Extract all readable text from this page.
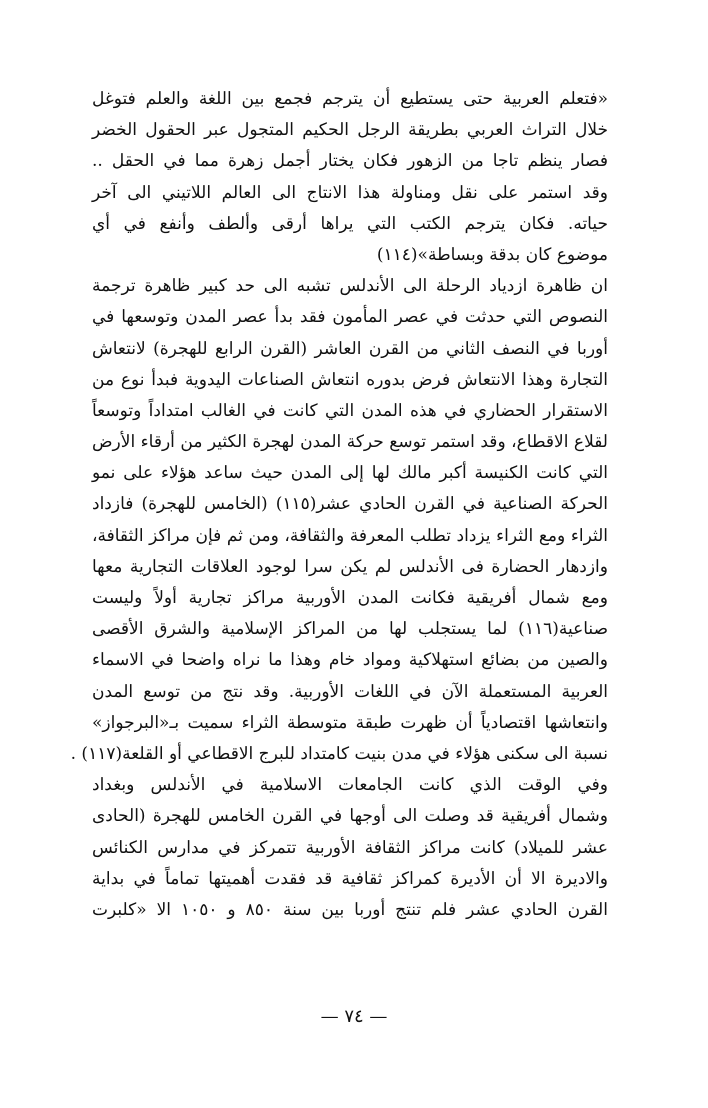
«فتعلم العربية حتى يستطيع أن يترجم فجمع بين اللغة والعلم فتوغل
خلال التراث العربي بطريقة الرجل الحكيم المتجول عبر الحقول الخضر
فصار ينظم تاجا من الزهور فكان يختار أجمل زهرة مما في الحقل ..
وقد استمر على نقل ومناولة هذا الانتاج الى العالم اللاتيني الى آخر
حياته. فكان يترجم الكتب التي يراها أرقى وألطف وأنفع في أي
موضوع كان بدقة وبساطة»(١١٤)
ان ظاهرة ازدياد الرحلة الى الأندلس تشبه الى حد كبير ظاهرة ترجمة
النصوص التي حدثت في عصر المأمون فقد بدأ عصر المدن وتوسعها في
أوربا في النصف الثاني من القرن العاشر (القرن الرابع للهجرة) لانتعاش
التجارة وهذا الانتعاش فرض بدوره انتعاش الصناعات اليدوية فبدأ نوع من
الاستقرار الحضاري في هذه المدن التي كانت في الغالب امتداداً وتوسعاً
لقلاع الاقطاع، وقد استمر توسع حركة المدن لهجرة الكثير من أرقاء الأرض
التي كانت الكنيسة أكبر مالك لها إلى المدن حيث ساعد هؤلاء على نمو
الحركة الصناعية في القرن الحادي عشر(١١٥) (الخامس للهجرة) فازداد
الثراء ومع الثراء يزداد تطلب المعرفة والثقافة، ومن ثم فإن مراكز الثقافة،
وازدهار الحضارة فى الأندلس لم يكن سرا لوجود العلاقات التجارية معها
ومع شمال أفريقية فكانت المدن الأوربية مراكز تجارية أولاً وليست
صناعية(١١٦) لما يستجلب لها من المراكز الإسلامية والشرق الأقصى
والصين من بضائع استهلاكية ومواد خام وهذا ما نراه واضحا في الاسماء
العربية المستعملة الآن في اللغات الأوربية. وقد نتج من توسع المدن
وانتعاشها اقتصادياً أن ظهرت طبقة متوسطة الثراء سميت بـ«البرجواز»
نسبة الى سكنى هؤلاء في مدن بنيت كامتداد للبرج الاقطاعي أو القلعة(١١٧) .
وفي الوقت الذي كانت الجامعات الاسلامية في الأندلس وبغداد
وشمال أفريقية قد وصلت الى أوجها في القرن الخامس للهجرة (الحادى
عشر للميلاد) كانت مراكز الثقافة الأوربية تتمركز في مدارس الكنائس
والاديرة الا أن الأديرة كمراكز ثقافية قد فقدت أهميتها تماماً في بداية
القرن الحادي عشر فلم تنتج أوربا بين سنة ٨٥٠ و ١٠٥٠ الا «كلبرت
— ٧٤ —
